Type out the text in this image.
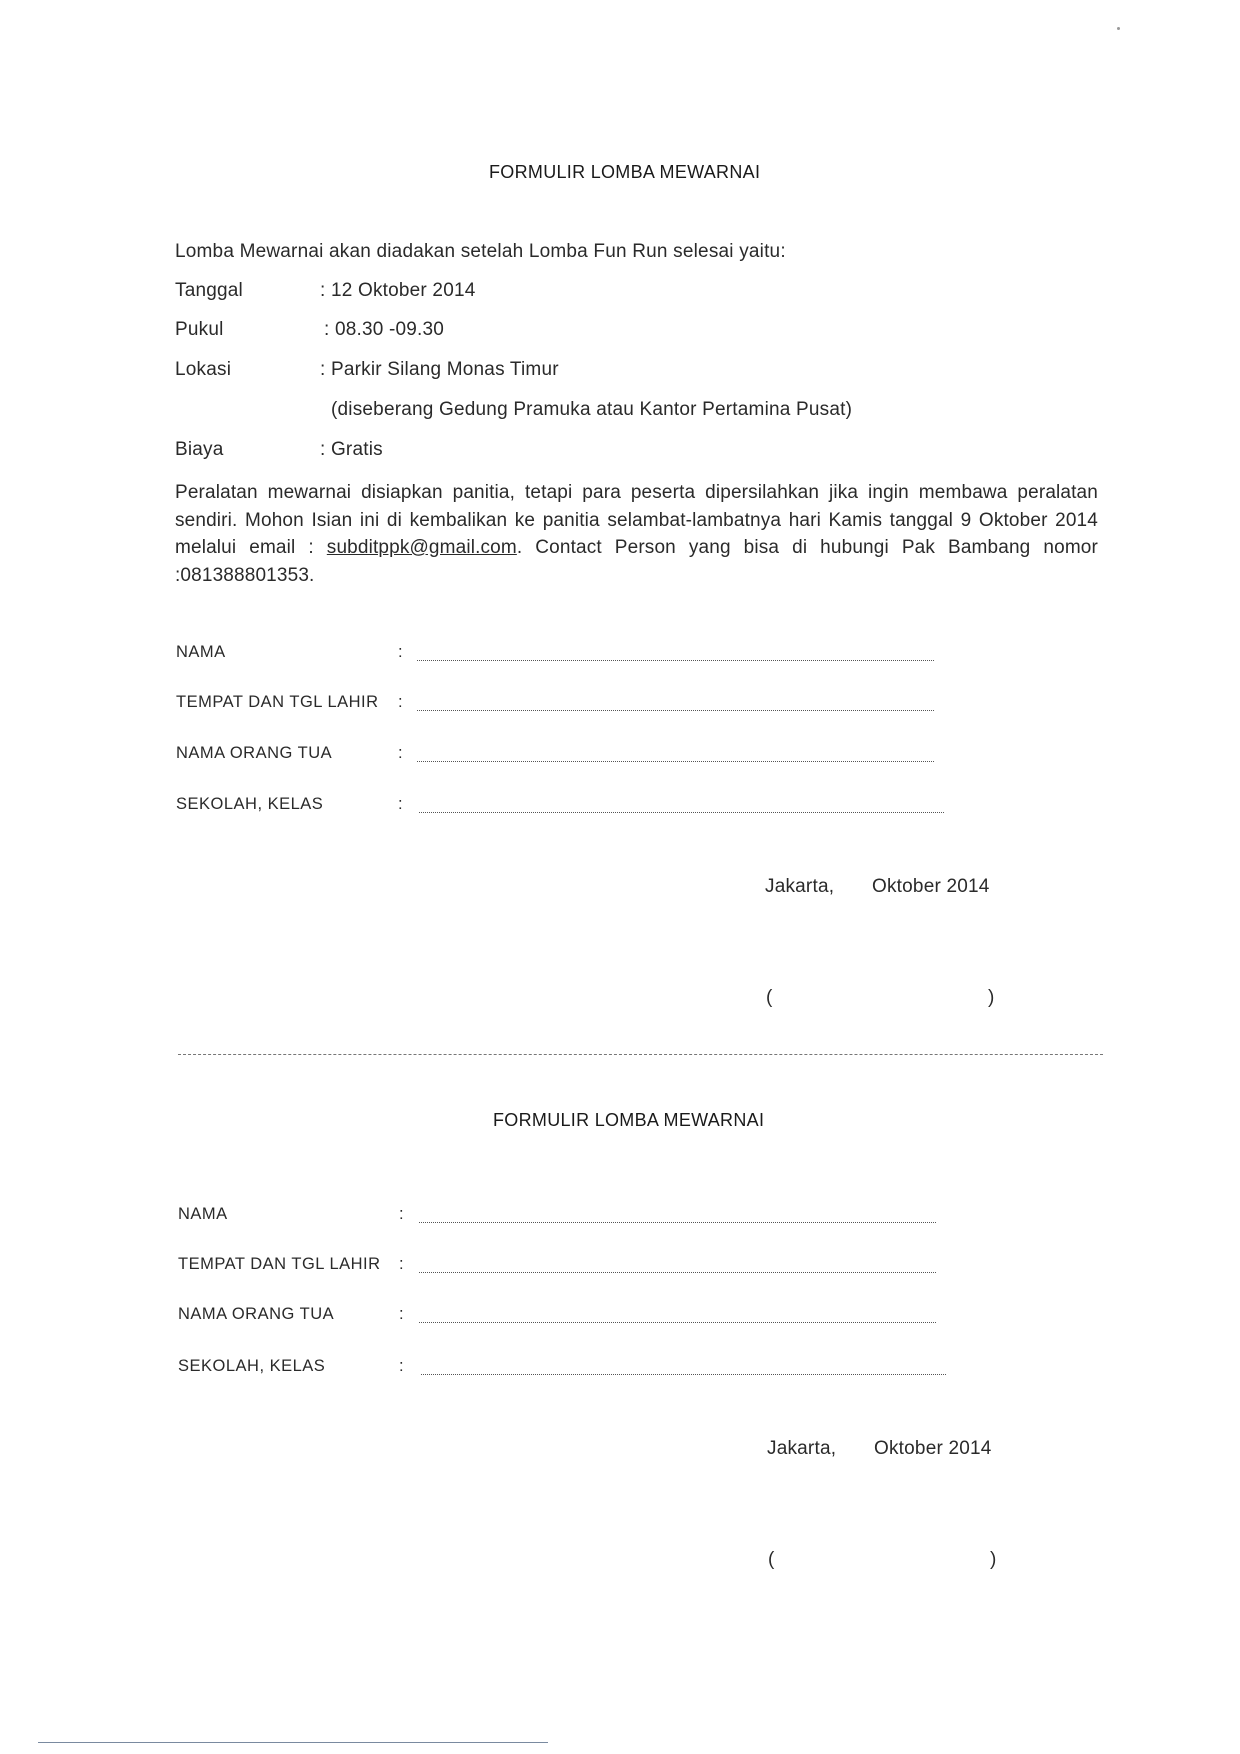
FORMULIR LOMBA MEWARNAI
Lomba Mewarnai akan diadakan setelah Lomba Fun Run selesai yaitu:
Tanggal	: 12 Oktober 2014
Pukul	: 08.30 -09.30
Lokasi	: Parkir Silang Monas Timur
(diseberang Gedung Pramuka atau Kantor Pertamina Pusat)
Biaya	: Gratis
Peralatan mewarnai disiapkan panitia, tetapi para peserta dipersilahkan jika ingin membawa peralatan sendiri. Mohon Isian ini di kembalikan ke panitia selambat-lambatnya hari Kamis tanggal 9 Oktober 2014 melalui email : subditppk@gmail.com. Contact Person yang bisa di hubungi Pak Bambang nomor :081388801353.
NAMA	:
TEMPAT DAN TGL LAHIR :
NAMA ORANG TUA	:
SEKOLAH, KELAS	:
Jakarta, Oktober 2014
(	)
FORMULIR LOMBA MEWARNAI
NAMA	:
TEMPAT DAN TGL LAHIR :
NAMA ORANG TUA	:
SEKOLAH, KELAS	:
Jakarta, Oktober 2014
(	)
